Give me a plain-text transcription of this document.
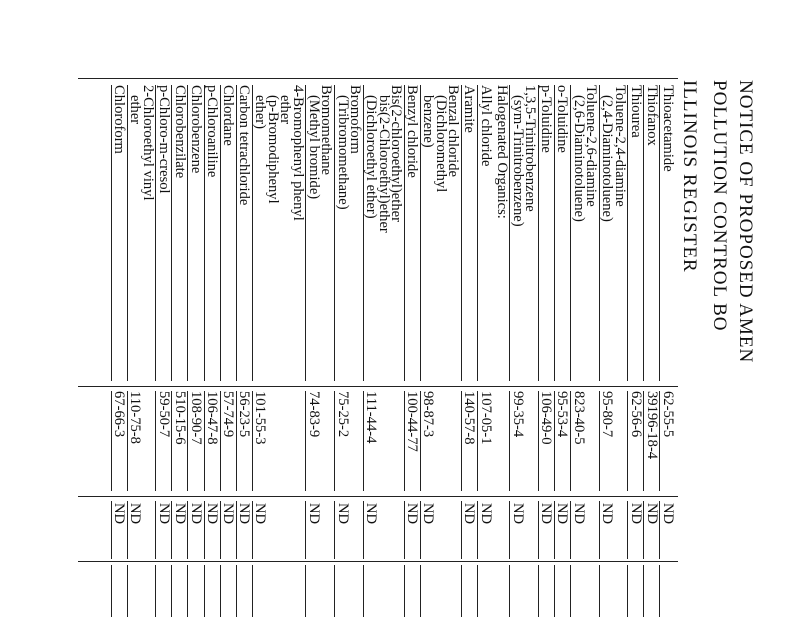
ILLINOIS REGISTER POLLUTION CONTROL BO NOTICE OF PROPOSED AMEN
Thioacetamide
62-55-5
ND
Thiofanox
39196-18-4
ND
Thiourea
62-56-6
ND
Toluene-2,4-diamine
(2,4-Diaminotoluene)
95-80-7
ND
Toluene-2,6-diamine
(2,6-Diaminotoluene)
823-40-5
ND
o-Toluidine
95-53-4
ND
p-Toluidine
106-49-0
ND
1,3,5-Trinitrobenzene
(sym-Trinitrobenzene)
99-35-4
ND
Halogenated Organics:
Allyl chloride
107-05-1
ND
Aramite
140-57-8
ND
Benzal chloride
(Dichloromethyl
benzene)
98-87-3
ND
Benzyl chloride
100-44-77
ND
Bis(2-chloroethyl)ether
bis(2-Chloroethyl)ether
(Dichloroethyl ether)
111-44-4
ND
Bromoform
(Tribromomethane)
75-25-2
ND
Bromomethane
(Methyl bromide)
74-83-9
ND
4-Bromophenyl phenyl
ether
(p-Bromodiphenyl
ether)
101-55-3
ND
Carbon tetrachloride
56-23-5
ND
Chlordane
57-74-9
ND
p-Chloroaniline
106-47-8
ND
Chlorobenzene
108-90-7
ND
Chlorobenzilate
510-15-6
ND
p-Chloro-m-cresol
59-50-7
ND
2-Chloroethyl vinyl
ether
110-75-8
ND
Chloroform
67-66-3
ND
